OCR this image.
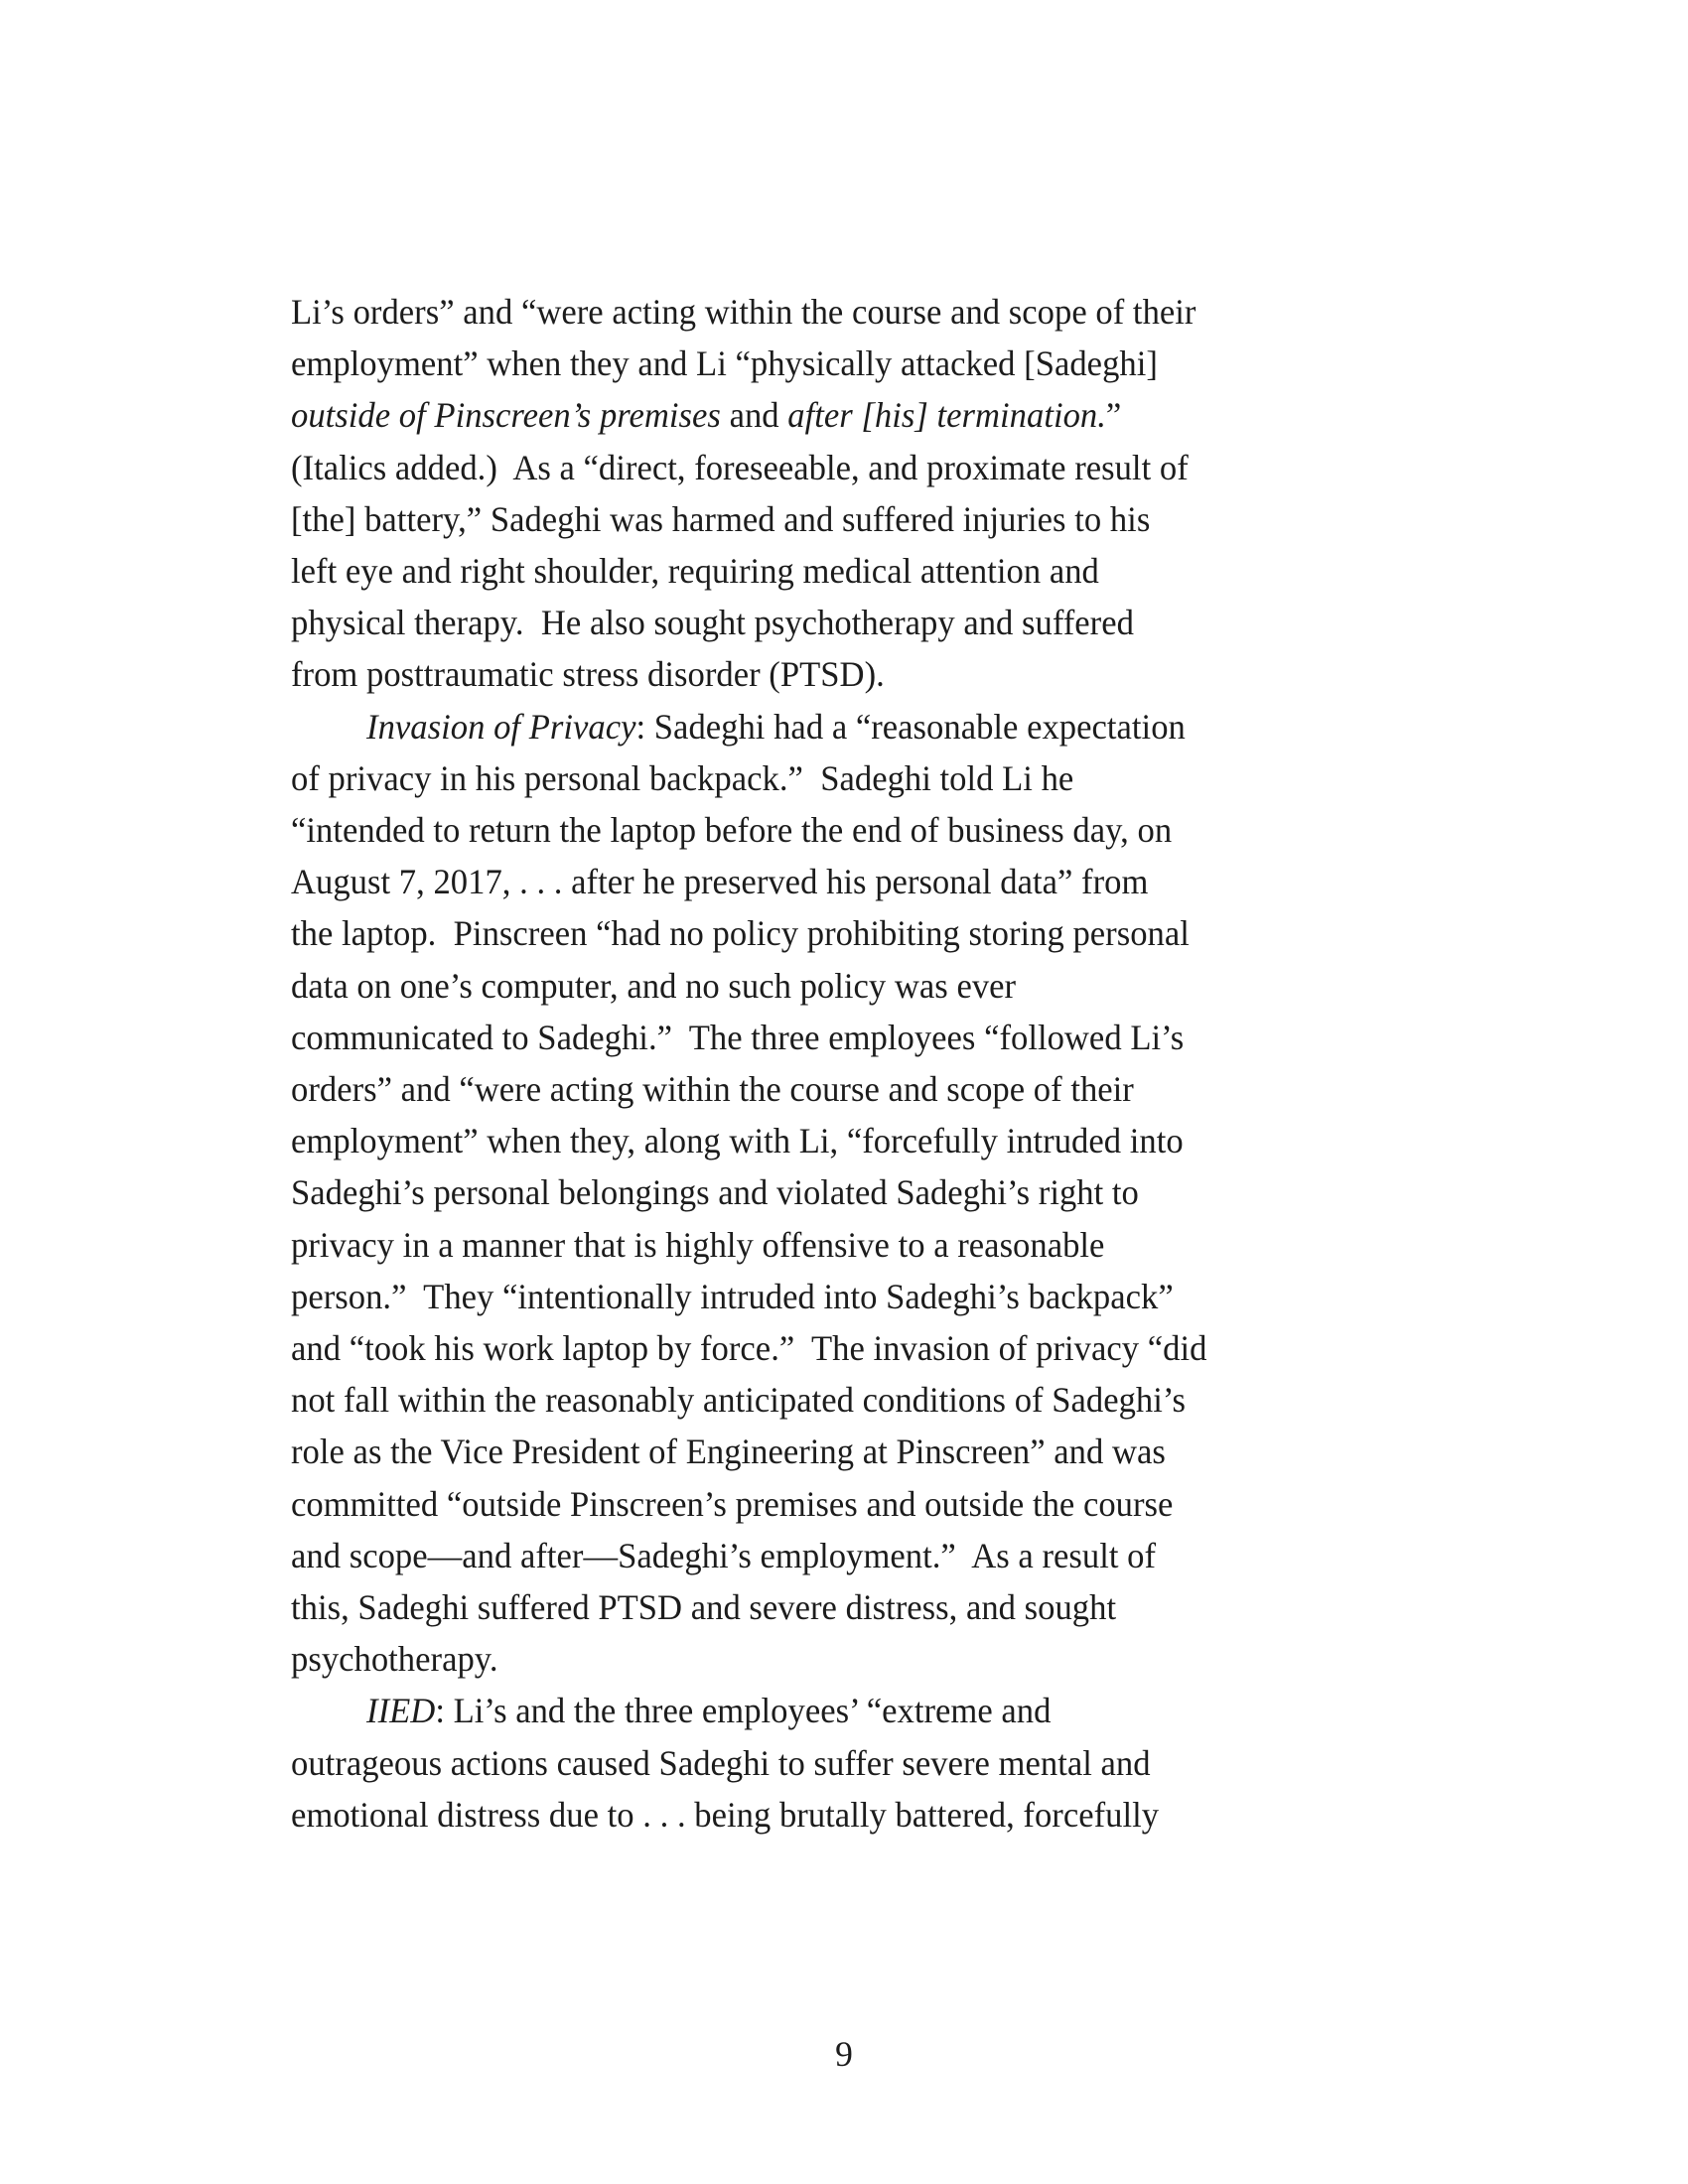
Li’s orders” and “were acting within the course and scope of their
employment” when they and Li “physically attacked [Sadeghi]
outside of Pinscreen’s premises and after [his] termination.”
(Italics added.)  As a “direct, foreseeable, and proximate result of
[the] battery,” Sadeghi was harmed and suffered injuries to his
left eye and right shoulder, requiring medical attention and
physical therapy.  He also sought psychotherapy and suffered
from posttraumatic stress disorder (PTSD).
Invasion of Privacy: Sadeghi had a “reasonable expectation
of privacy in his personal backpack.”  Sadeghi told Li he
“intended to return the laptop before the end of business day, on
August 7, 2017, . . . after he preserved his personal data” from
the laptop.  Pinscreen “had no policy prohibiting storing personal
data on one’s computer, and no such policy was ever
communicated to Sadeghi.”  The three employees “followed Li’s
orders” and “were acting within the course and scope of their
employment” when they, along with Li, “forcefully intruded into
Sadeghi’s personal belongings and violated Sadeghi’s right to
privacy in a manner that is highly offensive to a reasonable
person.”  They “intentionally intruded into Sadeghi’s backpack”
and “took his work laptop by force.”  The invasion of privacy “did
not fall within the reasonably anticipated conditions of Sadeghi’s
role as the Vice President of Engineering at Pinscreen” and was
committed “outside Pinscreen’s premises and outside the course
and scope—and after—Sadeghi’s employment.”  As a result of
this, Sadeghi suffered PTSD and severe distress, and sought
psychotherapy.
IIED: Li’s and the three employees’ “extreme and
outrageous actions caused Sadeghi to suffer severe mental and
emotional distress due to . . . being brutally battered, forcefully
9
